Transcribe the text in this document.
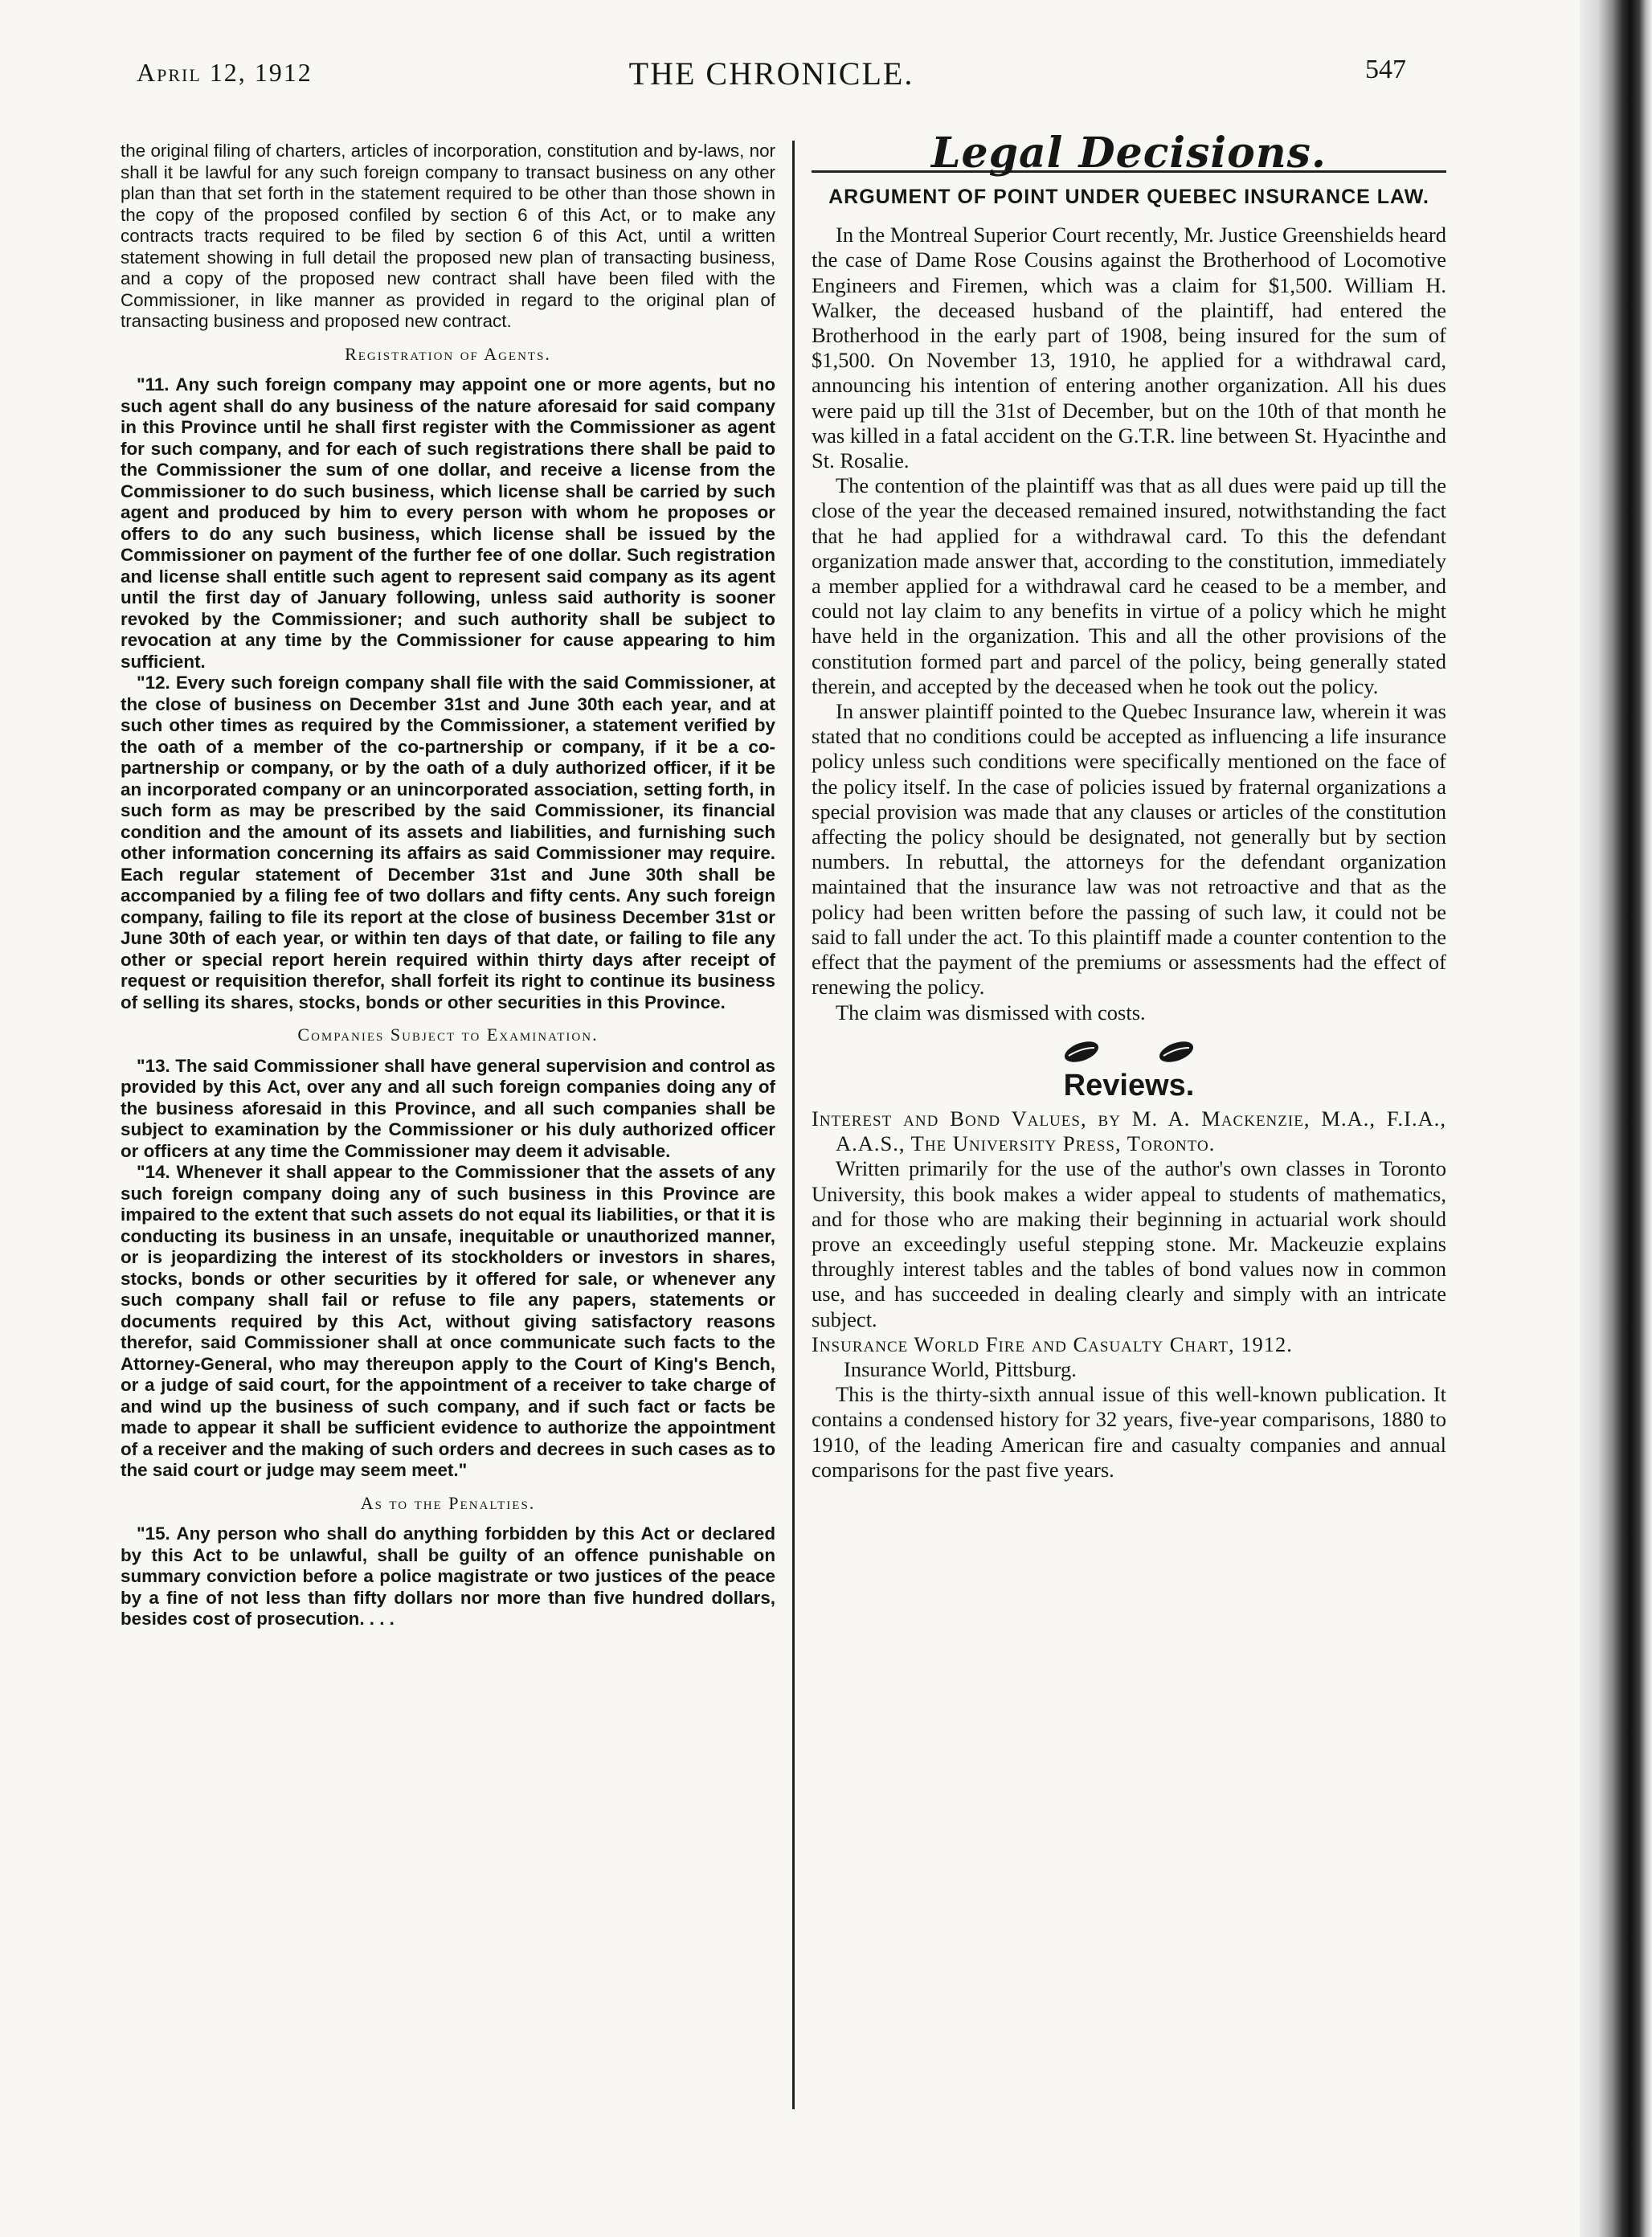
April 12, 1912	THE CHRONICLE.	547

the original filing of charters, articles of incorporation, constitution and by-laws, nor shall it be lawful for any such foreign company to transact business on any other plan than that set forth in the statement required to be other than those shown in the copy of the proposed confiled by section 6 of this Act, or to make any contracts tracts required to be filed by section 6 of this Act, until a written statement showing in full detail the proposed new plan of transacting business, and a copy of the proposed new contract shall have been filed with the Commissioner, in like manner as provided in regard to the original plan of transacting business and proposed new contract.

Registration of Agents.

"11. Any such foreign company may appoint one or more agents, but no such agent shall do any business of the nature aforesaid for said company in this Province until he shall first register with the Commissioner as agent for such company, and for each of such registrations there shall be paid to the Commissioner the sum of one dollar, and receive a license from the Commissioner to do such business, which license shall be carried by such agent and produced by him to every person with whom he proposes or offers to do any such business, which license shall be issued by the Commissioner on payment of the further fee of one dollar. Such registration and license shall entitle such agent to represent said company as its agent until the first day of January following, unless said authority is sooner revoked by the Commissioner; and such authority shall be subject to revocation at any time by the Commissioner for cause appearing to him sufficient.

"12. Every such foreign company shall file with the said Commissioner, at the close of business on December 31st and June 30th each year, and at such other times as required by the Commissioner, a statement verified by the oath of a member of the co-partnership or company, if it be a co-partnership or company, or by the oath of a duly authorized officer, if it be an incorporated company or an unincorporated association, setting forth, in such form as may be prescribed by the said Commissioner, its financial condition and the amount of its assets and liabilities, and furnishing such other information concerning its affairs as said Commissioner may require. Each regular statement of December 31st and June 30th shall be accompanied by a filing fee of two dollars and fifty cents. Any such foreign company, failing to file its report at the close of business December 31st or June 30th of each year, or within ten days of that date, or failing to file any other or special report herein required within thirty days after receipt of request or requisition therefor, shall forfeit its right to continue its business of selling its shares, stocks, bonds or other securities in this Province.

Companies Subject to Examination.

"13. The said Commissioner shall have general supervision and control as provided by this Act, over any and all such foreign companies doing any of the business aforesaid in this Province, and all such companies shall be subject to examination by the Commissioner or his duly authorized officer or officers at any time the Commissioner may deem it advisable.

"14. Whenever it shall appear to the Commissioner that the assets of any such foreign company doing any of such business in this Province are impaired to the extent that such assets do not equal its liabilities, or that it is conducting its business in an unsafe, inequitable or unauthorized manner, or is jeopardizing the interest of its stockholders or investors in shares, stocks, bonds or other securities by it offered for sale, or whenever any such company shall fail or refuse to file any papers, statements or documents required by this Act, without giving satisfactory reasons therefor, said Commissioner shall at once communicate such facts to the Attorney-General, who may thereupon apply to the Court of King's Bench, or a judge of said court, for the appointment of a receiver to take charge of and wind up the business of such company, and if such fact or facts be made to appear it shall be sufficient evidence to authorize the appointment of a receiver and the making of such orders and decrees in such cases as to the said court or judge may seem meet."

As to the Penalties.

"15. Any person who shall do anything forbidden by this Act or declared by this Act to be unlawful, shall be guilty of an offence punishable on summary conviction before a police magistrate or two justices of the peace by a fine of not less than fifty dollars nor more than five hundred dollars, besides cost of prosecution. . . .

Legal Decisions.
ARGUMENT OF POINT UNDER QUEBEC INSURANCE LAW.

In the Montreal Superior Court recently, Mr. Justice Greenshields heard the case of Dame Rose Cousins against the Brotherhood of Locomotive Engineers and Firemen, which was a claim for $1,500. William H. Walker, the deceased husband of the plaintiff, had entered the Brotherhood in the early part of 1908, being insured for the sum of $1,500. On November 13, 1910, he applied for a withdrawal card, announcing his intention of entering another organization. All his dues were paid up till the 31st of December, but on the 10th of that month he was killed in a fatal accident on the G.T.R. line between St. Hyacinthe and St. Rosalie.

The contention of the plaintiff was that as all dues were paid up till the close of the year the deceased remained insured, notwithstanding the fact that he had applied for a withdrawal card. To this the defendant organization made answer that, according to the constitution, immediately a member applied for a withdrawal card he ceased to be a member, and could not lay claim to any benefits in virtue of a policy which he might have held in the organization. This and all the other provisions of the constitution formed part and parcel of the policy, being generally stated therein, and accepted by the deceased when he took out the policy.

In answer plaintiff pointed to the Quebec Insurance law, wherein it was stated that no conditions could be accepted as influencing a life insurance policy unless such conditions were specifically mentioned on the face of the policy itself. In the case of policies issued by fraternal organizations a special provision was made that any clauses or articles of the constitution affecting the policy should be designated, not generally but by section numbers. In rebuttal, the attorneys for the defendant organization maintained that the insurance law was not retroactive and that as the policy had been written before the passing of such law, it could not be said to fall under the act. To this plaintiff made a counter contention to the effect that the payment of the premiums or assessments had the effect of renewing the policy.

The claim was dismissed with costs.

Reviews.

Interest and Bond Values, by M. A. Mackenzie, M.A., F.I.A., A.A.S., The University Press, Toronto.

Written primarily for the use of the author's own classes in Toronto University, this book makes a wider appeal to students of mathematics, and for those who are making their beginning in actuarial work should prove an exceedingly useful stepping stone. Mr. Mackeuzie explains throughly interest tables and the tables of bond values now in common use, and has succeeded in dealing clearly and simply with an intricate subject.

Insurance World Fire and Casualty Chart, 1912.

Insurance World, Pittsburg.

This is the thirty-sixth annual issue of this well-known publication. It contains a condensed history for 32 years, five-year comparisons, 1880 to 1910, of the leading American fire and casualty companies and annual comparisons for the past five years.
